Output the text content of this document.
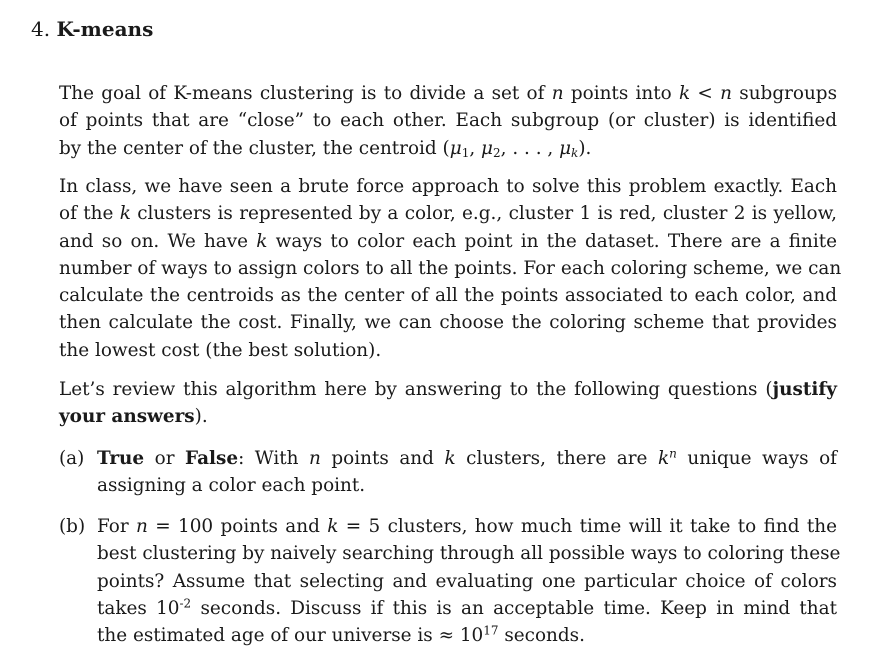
4. K-means
The goal of K-means clustering is to divide a set of n points into k < n subgroups
of points that are “close” to each other. Each subgroup (or cluster) is identified
by the center of the cluster, the centroid ($\mu_1$, $\mu_2$, . . . , $\mu_k$).
In class, we have seen a brute force approach to solve this problem exactly. Each
of the k clusters is represented by a color, e.g., cluster 1 is red, cluster 2 is yellow,
and so on. We have k ways to color each point in the dataset. There are a finite
number of ways to assign colors to all the points. For each coloring scheme, we can
calculate the centroids as the center of all the points associated to each color, and
then calculate the cost. Finally, we can choose the coloring scheme that provides
the lowest cost (the best solution).
Let’s review this algorithm here by answering to the following questions (justify
your answers).
(a) True or False: With n points and k clusters, there are $k^n$ unique ways of
assigning a color each point.
(b) For n = 100 points and k = 5 clusters, how much time will it take to find the
best clustering by naively searching through all possible ways to coloring these
points? Assume that selecting and evaluating one particular choice of colors
takes $10^{-2}$ seconds. Discuss if this is an acceptable time. Keep in mind that
the estimated age of our universe is ≈ $10^{17}$ seconds.
